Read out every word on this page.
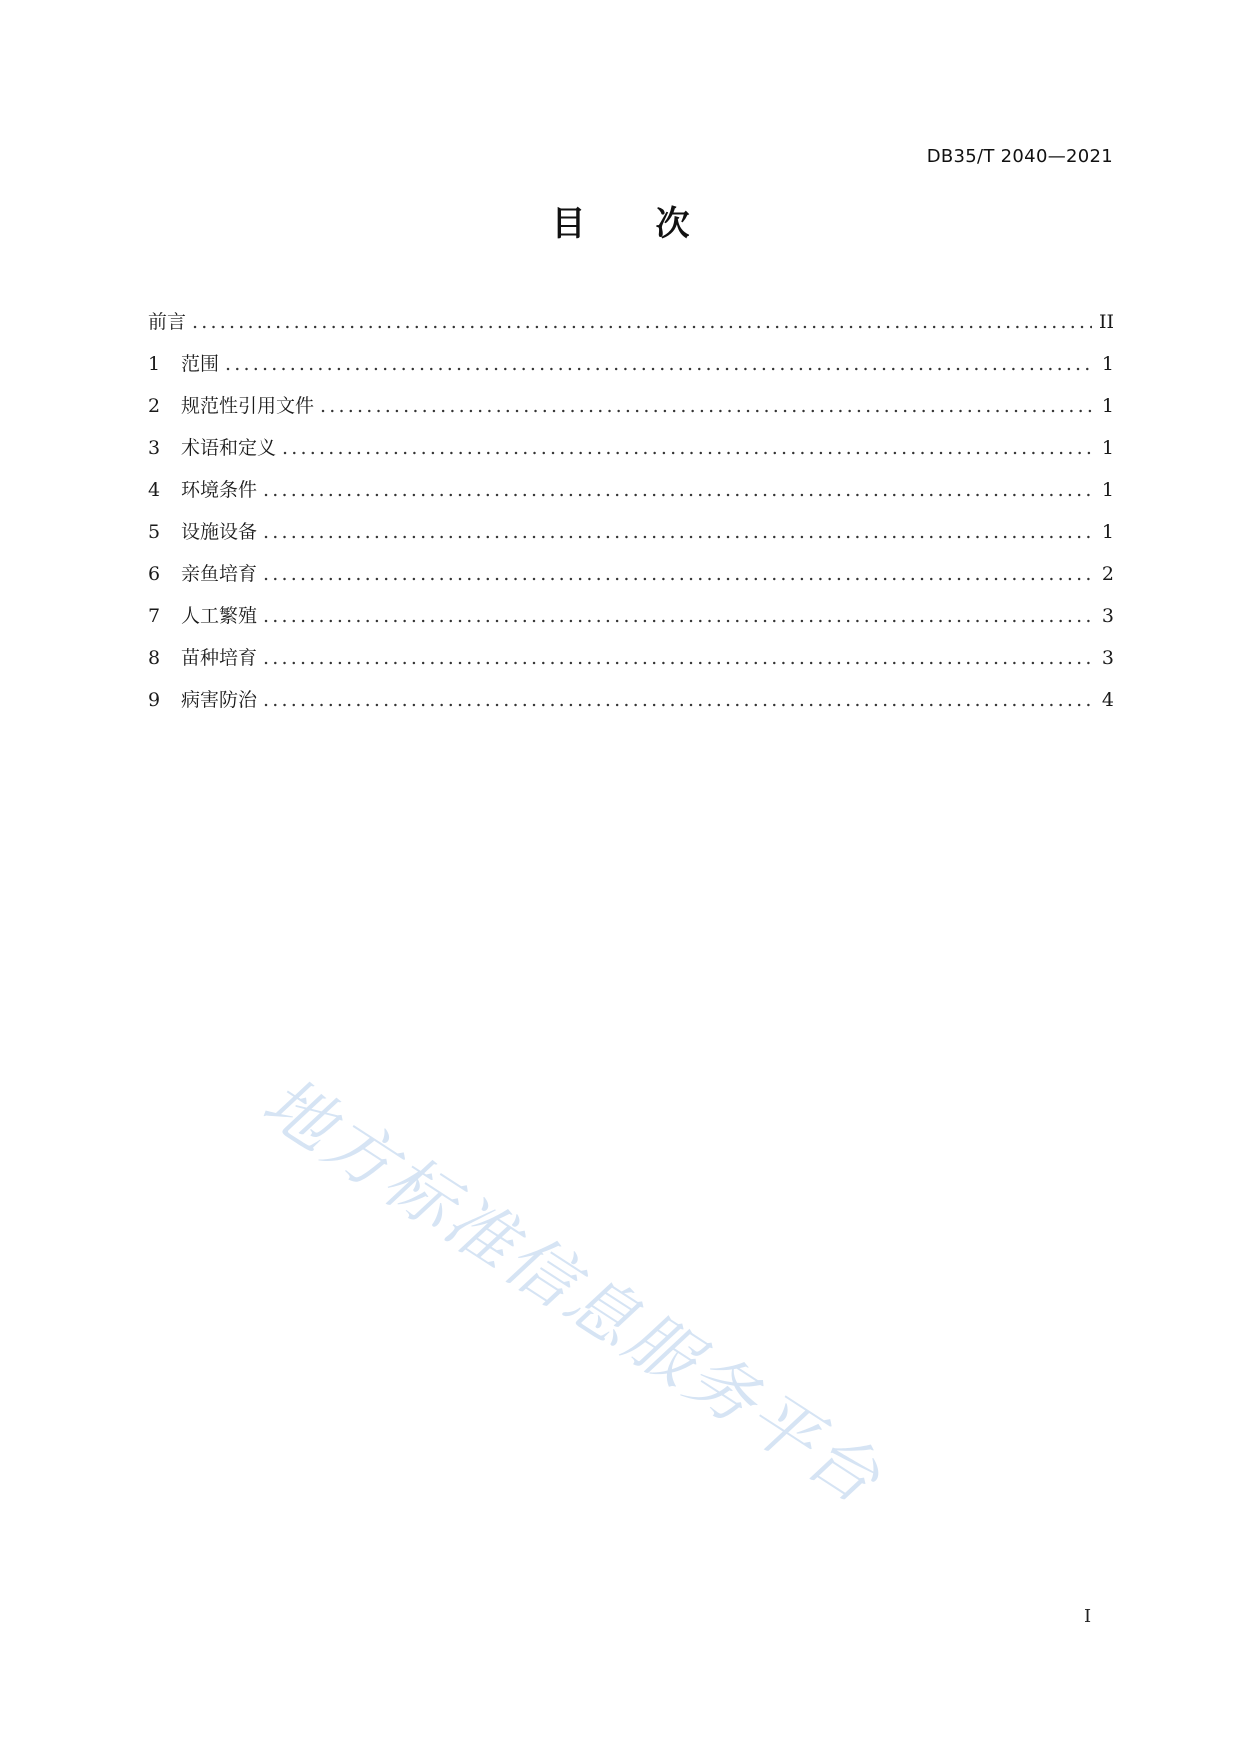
DB35/T 2040—2021
目 次
前言 .....	II
1	范围 .....	1
2	规范性引用文件 .....	1
3	术语和定义 .....	1
4	环境条件 .....	1
5	设施设备 .....	1
6	亲鱼培育 .....	2
7	人工繁殖 .....	3
8	苗种培育 .....	3
9	病害防治 .....	4
地方标准信息服务平台
I
